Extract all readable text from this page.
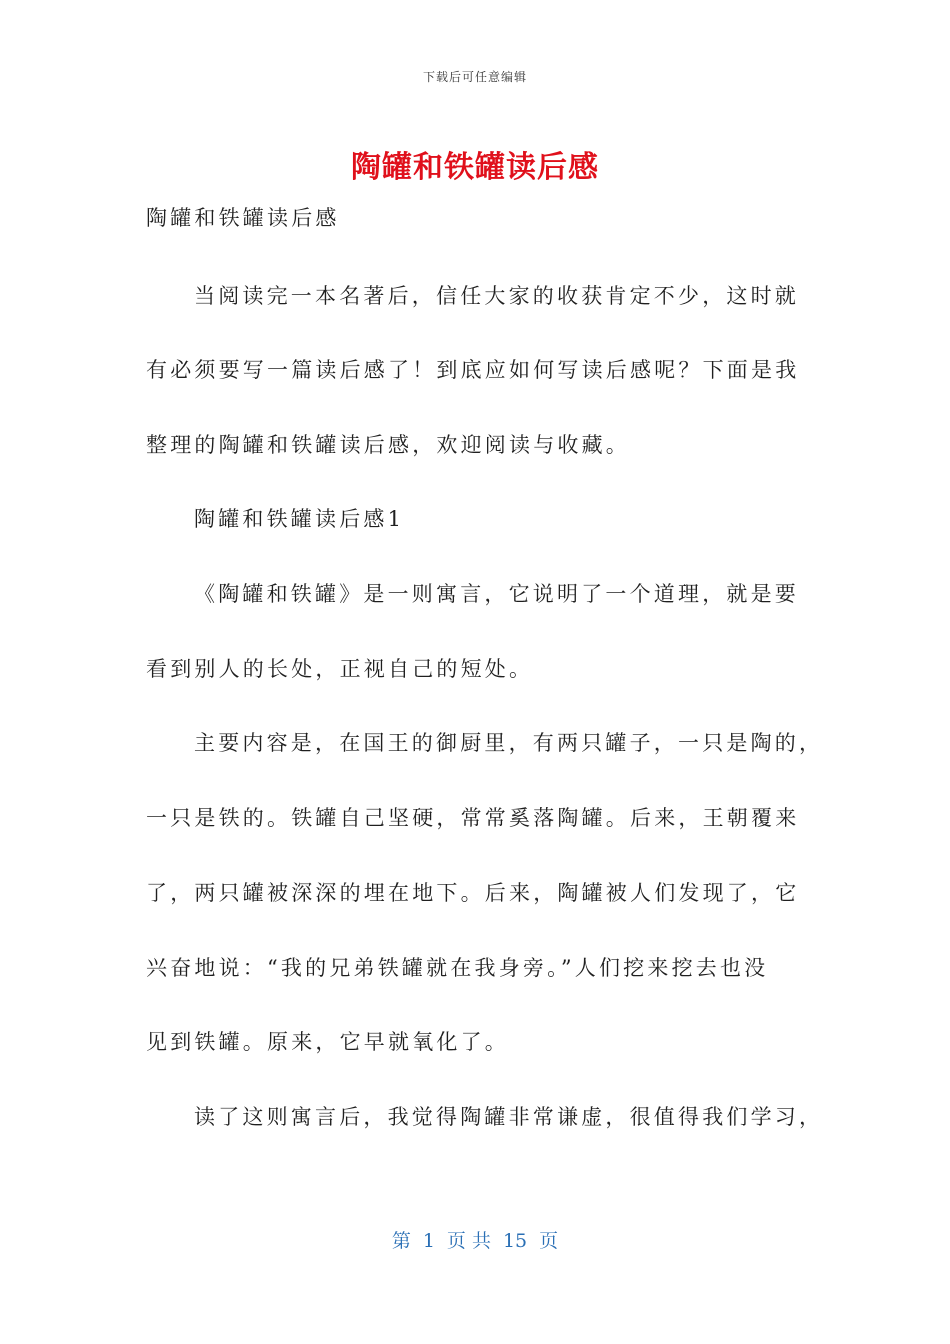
下载后可任意编辑
陶罐和铁罐读后感
陶罐和铁罐读后感
当阅读完一本名著后，信任大家的收获肯定不少，这时就
有必须要写一篇读后感了！到底应如何写读后感呢？下面是我
整理的陶罐和铁罐读后感，欢迎阅读与收藏。
陶罐和铁罐读后感1
《陶罐和铁罐》是一则寓言，它说明了一个道理，就是要
看到别人的长处，正视自己的短处。
主要内容是，在国王的御厨里，有两只罐子，一只是陶的，
一只是铁的。铁罐自己坚硬，常常奚落陶罐。后来，王朝覆来
了，两只罐被深深的埋在地下。后来，陶罐被人们发现了，它
兴奋地说：“我的兄弟铁罐就在我身旁。”人们挖来挖去也没
见到铁罐。原来，它早就氧化了。
读了这则寓言后，我觉得陶罐非常谦虚，很值得我们学习，
第 1 页 共 15 页
